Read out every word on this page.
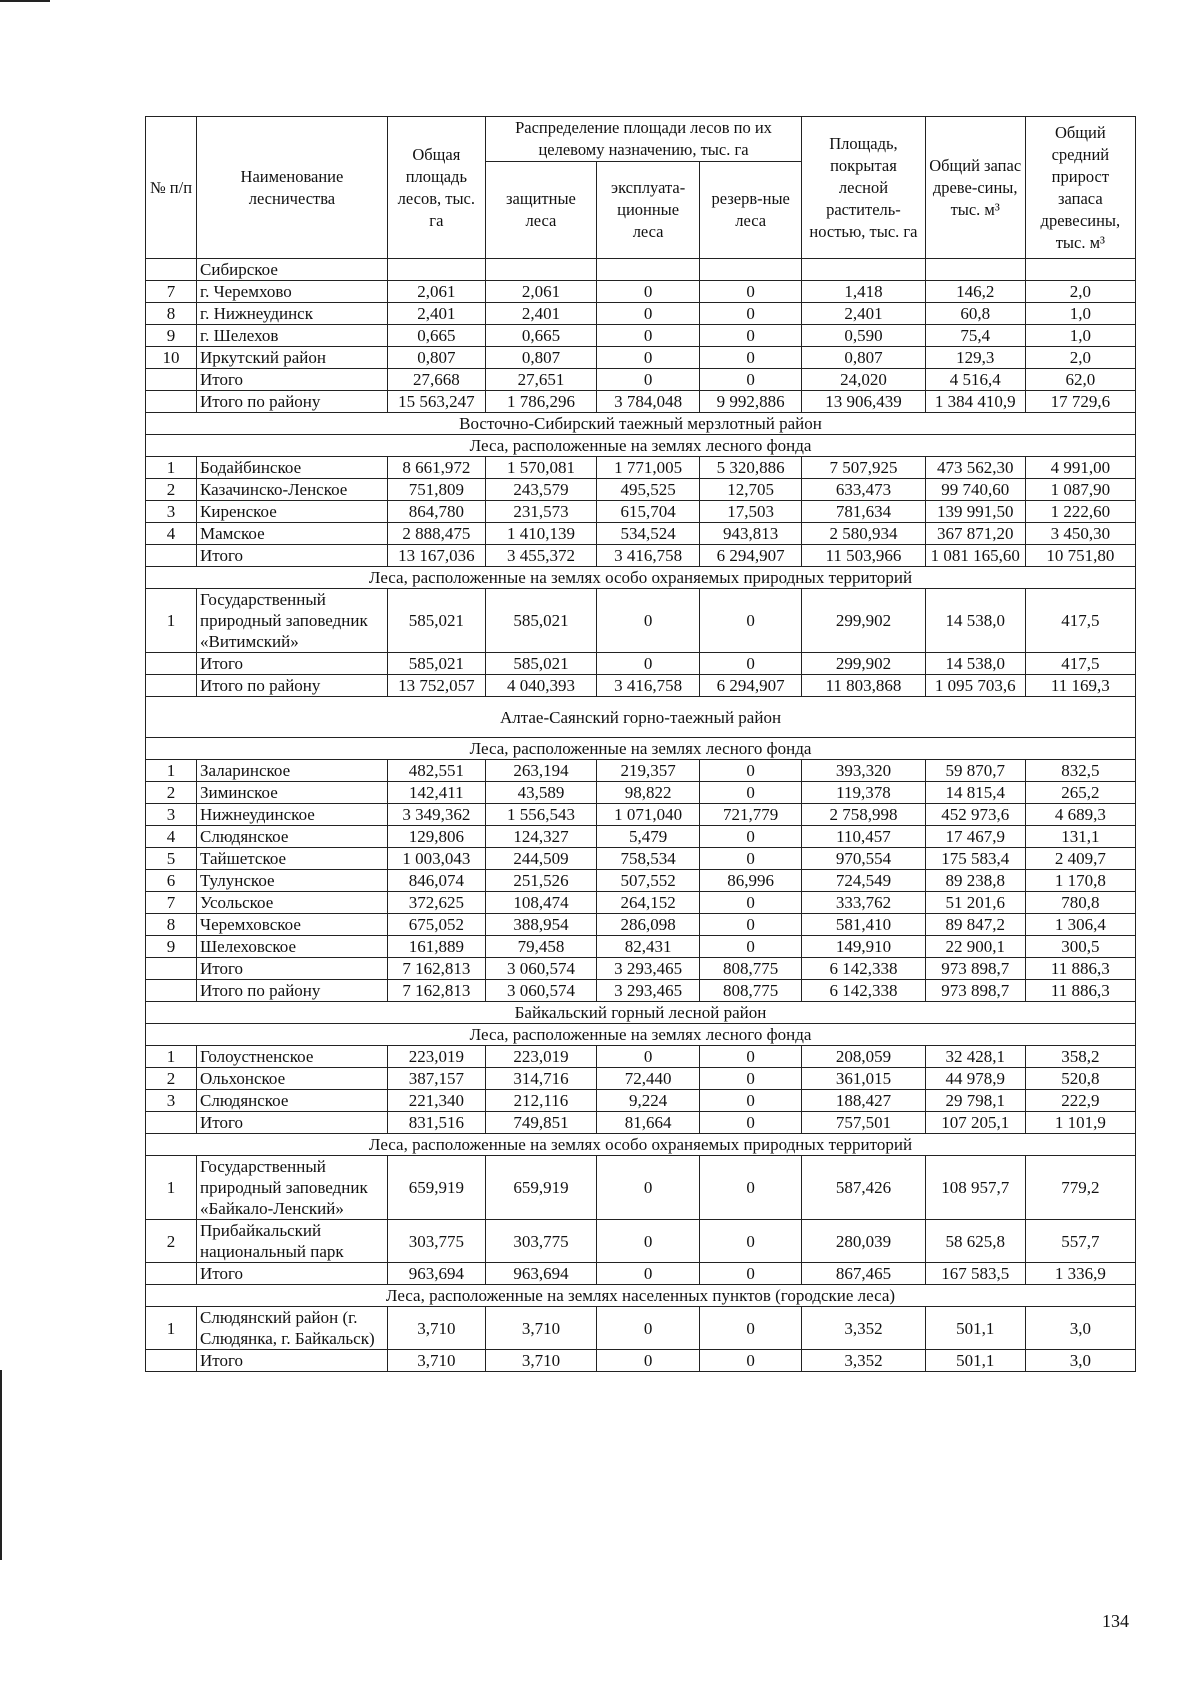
№ п/п	Наименование лесничества	Общая площадь лесов, тыс. га	Распределение площади лесов по их целевому назначению, тыс. га			Площадь, покрытая лесной раститель-ностью, тыс. га	Общий запас древе-сины, тыс. м³	Общий средний прирост запаса древесины, тыс. м³
			защитные леса	эксплуата-ционные леса	резерв-ные леса			
	Сибирское							
7	г. Черемхово	2,061	2,061	0	0	1,418	146,2	2,0
8	г. Нижнеудинск	2,401	2,401	0	0	2,401	60,8	1,0
9	г. Шелехов	0,665	0,665	0	0	0,590	75,4	1,0
10	Иркутский район	0,807	0,807	0	0	0,807	129,3	2,0
	Итого	27,668	27,651	0	0	24,020	4 516,4	62,0
	Итого по району	15 563,247	1 786,296	3 784,048	9 992,886	13 906,439	1 384 410,9	17 729,6
Восточно-Сибирский таежный мерзлотный район								
Леса, расположенные на землях лесного фонда								
1	Бодайбинское	8 661,972	1 570,081	1 771,005	5 320,886	7 507,925	473 562,30	4 991,00
2	Казачинско-Ленское	751,809	243,579	495,525	12,705	633,473	99 740,60	1 087,90
3	Киренское	864,780	231,573	615,704	17,503	781,634	139 991,50	1 222,60
4	Мамское	2 888,475	1 410,139	534,524	943,813	2 580,934	367 871,20	3 450,30
	Итого	13 167,036	3 455,372	3 416,758	6 294,907	11 503,966	1 081 165,60	10 751,80
Леса, расположенные на землях особо охраняемых природных территорий								
1	Государственный природный заповедник «Витимский»	585,021	585,021	0	0	299,902	14 538,0	417,5
	Итого	585,021	585,021	0	0	299,902	14 538,0	417,5
	Итого по району	13 752,057	4 040,393	3 416,758	6 294,907	11 803,868	1 095 703,6	11 169,3
Алтае-Саянский горно-таежный район								
Леса, расположенные на землях лесного фонда								
1	Заларинское	482,551	263,194	219,357	0	393,320	59 870,7	832,5
2	Зиминское	142,411	43,589	98,822	0	119,378	14 815,4	265,2
3	Нижнеудинское	3 349,362	1 556,543	1 071,040	721,779	2 758,998	452 973,6	4 689,3
4	Слюдянское	129,806	124,327	5,479	0	110,457	17 467,9	131,1
5	Тайшетское	1 003,043	244,509	758,534	0	970,554	175 583,4	2 409,7
6	Тулунское	846,074	251,526	507,552	86,996	724,549	89 238,8	1 170,8
7	Усольское	372,625	108,474	264,152	0	333,762	51 201,6	780,8
8	Черемховское	675,052	388,954	286,098	0	581,410	89 847,2	1 306,4
9	Шелеховское	161,889	79,458	82,431	0	149,910	22 900,1	300,5
	Итого	7 162,813	3 060,574	3 293,465	808,775	6 142,338	973 898,7	11 886,3
	Итого по району	7 162,813	3 060,574	3 293,465	808,775	6 142,338	973 898,7	11 886,3
Байкальский горный лесной район								
Леса, расположенные на землях лесного фонда								
1	Голоустненское	223,019	223,019	0	0	208,059	32 428,1	358,2
2	Ольхонское	387,157	314,716	72,440	0	361,015	44 978,9	520,8
3	Слюдянское	221,340	212,116	9,224	0	188,427	29 798,1	222,9
	Итого	831,516	749,851	81,664	0	757,501	107 205,1	1 101,9
Леса, расположенные на землях особо охраняемых природных территорий								
1	Государственный природный заповедник «Байкало-Ленский»	659,919	659,919	0	0	587,426	108 957,7	779,2
2	Прибайкальский национальный парк	303,775	303,775	0	0	280,039	58 625,8	557,7
	Итого	963,694	963,694	0	0	867,465	167 583,5	1 336,9
Леса, расположенные на землях населенных пунктов (городские леса)								
1	Слюдянский район (г. Слюдянка, г. Байкальск)	3,710	3,710	0	0	3,352	501,1	3,0
	Итого	3,710	3,710	0	0	3,352	501,1	3,0
134
